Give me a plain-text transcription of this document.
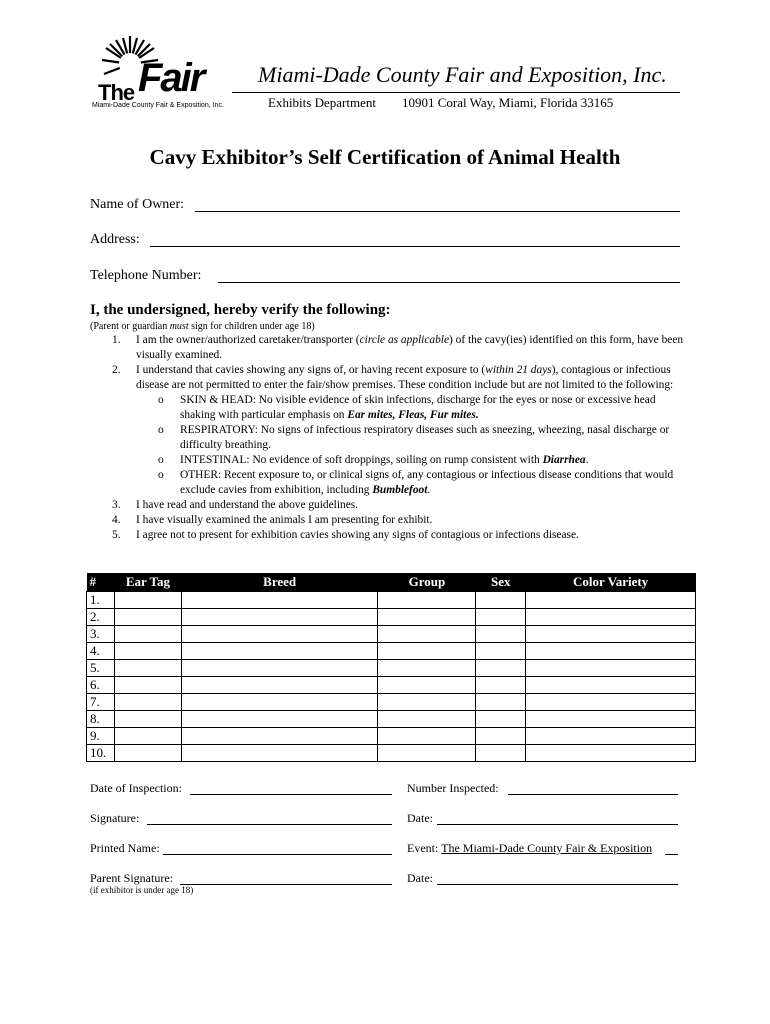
The Fair
Miami-Dade County Fair & Exposition, Inc.
Miami-Dade County Fair and Exposition, Inc.
Exhibits Department 10901 Coral Way, Miami, Florida 33165
Cavy Exhibitor’s Self Certification of Animal Health
Name of Owner:
Address:
Telephone Number:
I, the undersigned, hereby verify the following:
(Parent or guardian must sign for children under age 18)
1. I am the owner/authorized caretaker/transporter (circle as applicable) of the cavy(ies) identified on this form, have been visually examined.
2. I understand that cavies showing any signs of, or having recent exposure to (within 21 days), contagious or infectious disease are not permitted to enter the fair/show premises. These condition include but are not limited to the following:
o SKIN & HEAD: No visible evidence of skin infections, discharge for the eyes or nose or excessive head shaking with particular emphasis on Ear mites, Fleas, Fur mites.
o RESPIRATORY: No signs of infectious respiratory diseases such as sneezing, wheezing, nasal discharge or difficulty breathing.
o INTESTINAL: No evidence of soft droppings, soiling on rump consistent with Diarrhea.
o OTHER: Recent exposure to, or clinical signs of, any contagious or infectious disease conditions that would exclude cavies from exhibition, including Bumblefoot.
3. I have read and understand the above guidelines.
4. I have visually examined the animals I am presenting for exhibit.
5. I agree not to present for exhibition cavies showing any signs of contagious or infections disease.
#	Ear Tag	Breed	Group	Sex	Color Variety
1.					
2.					
3.					
4.					
5.					
6.					
7.					
8.					
9.					
10.					
Date of Inspection:	Number Inspected:
Signature:	Date:
Printed Name:	Event: The Miami-Dade County Fair & Exposition
Parent Signature:	Date:
(if exhibitor is under age 18)
